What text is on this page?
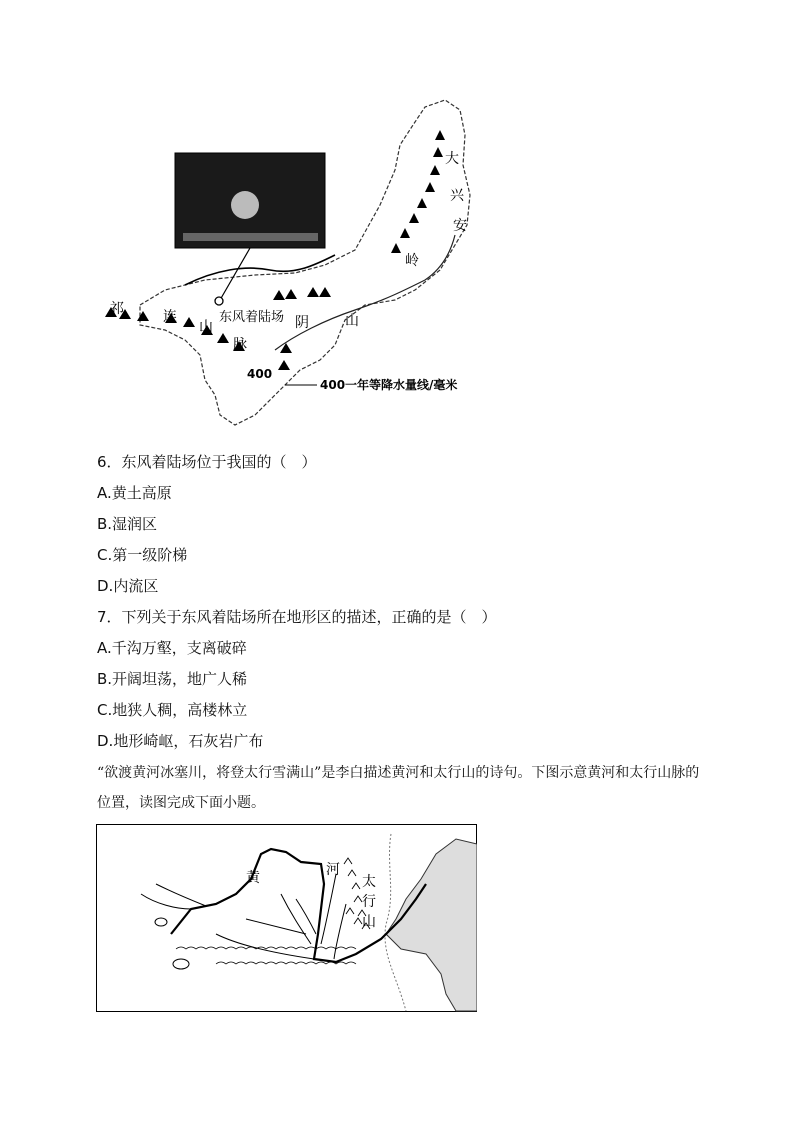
大
兴
安
岭
阴	山
祁	连
山
脉
东风着陆场
400
400一年等降水量线/毫米
6．东风着陆场位于我国的（　）
A.黄土高原
B.湿润区
C.第一级阶梯
D.内流区
7．下列关于东风着陆场所在地形区的描述，正确的是（　）
A.千沟万壑，支离破碎
B.开阔坦荡，地广人稀
C.地狭人稠，高楼林立
D.地形崎岖，石灰岩广布
“欲渡黄河冰塞川，将登太行雪满山”是李白描述黄河和太行山的诗句。下图示意黄河和太行山脉的位置，读图完成下面小题。
黄	河
太
行
山
